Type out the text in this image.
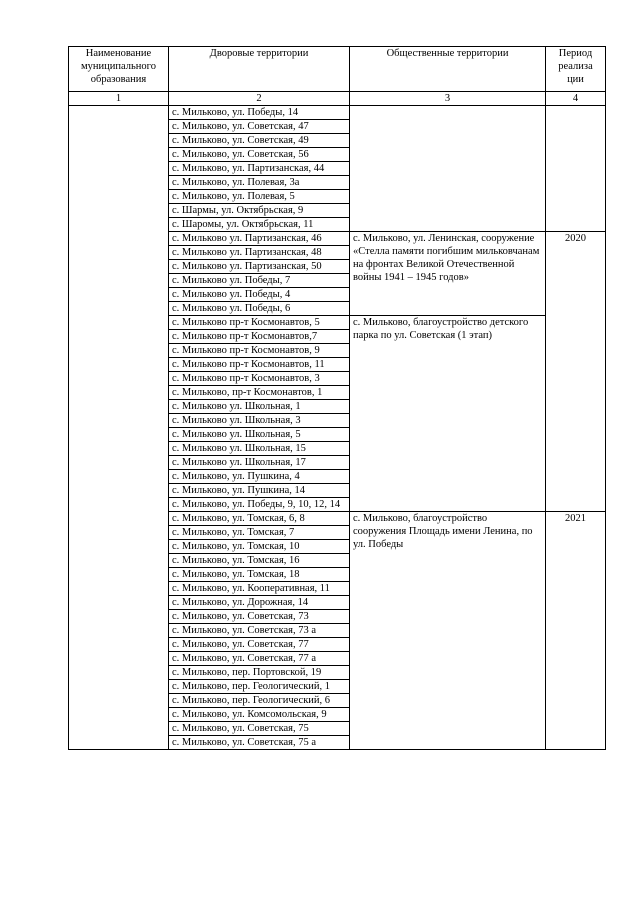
Наименование муниципального образования	Дворовые территории	Общественные территории	Период реализа ции
1	2	3	4
	с. Мильково, ул. Победы, 14		
	с. Мильково, ул. Советская, 47		
	с. Мильково, ул. Советская, 49		
	с. Мильково, ул. Советская, 56		
	с. Мильково, ул. Партизанская, 44		
	с. Мильково, ул. Полевая, 3а		
	с. Мильково, ул. Полевая, 5		
	с. Шармы, ул. Октябрьская, 9		
	с. Шаромы, ул. Октябрьская, 11		
	с. Мильково ул. Партизанская, 46	с. Мильково, ул. Ленинская, сооружение «Стелла памяти погибшим мильковчанам на фронтах Великой Отечественной войны 1941 – 1945 годов»	2020
	с. Мильково ул. Партизанская, 48		
	с. Мильково ул. Партизанская, 50		
	с. Мильково ул. Победы, 7		
	с. Мильково ул. Победы, 4		
	с. Мильково ул. Победы, 6		
	с. Мильково пр-т Космонавтов, 5	с. Мильково, благоустройство детского парка по ул. Советская (1 этап)	
	с. Мильково пр-т Космонавтов,7		
	с. Мильково пр-т Космонавтов, 9		
	с. Мильково пр-т Космонавтов, 11		
	с. Мильково пр-т Космонавтов, 3		
	с. Мильково, пр-т Космонавтов, 1		
	с. Мильково ул. Школьная, 1		
	с. Мильково ул. Школьная, 3		
	с. Мильково ул. Школьная, 5		
	с. Мильково ул. Школьная, 15		
	с. Мильково ул. Школьная, 17		
	с. Мильково, ул. Пушкина, 4		
	с. Мильково, ул. Пушкина, 14		
	с. Мильково, ул. Победы, 9, 10, 12, 14		
	с. Мильково, ул. Томская, 6, 8	с. Мильково, благоустройство сооружения Площадь имени Ленина, по ул. Победы	2021
	с. Мильково, ул. Томская, 7		
	с. Мильково, ул. Томская, 10		
	с. Мильково, ул. Томская, 16		
	с. Мильково, ул. Томская, 18		
	с. Мильково, ул. Кооперативная, 11		
	с. Мильково, ул. Дорожная, 14		
	с. Мильково, ул. Советская, 73		
	с. Мильково, ул. Советская, 73 а		
	с. Мильково, ул. Советская, 77		
	с. Мильково, ул. Советская, 77 а		
	с. Мильково, пер. Портовской, 19		
	с. Мильково, пер. Геологический, 1		
	с. Мильково, пер. Геологический, 6		
	с. Мильково, ул. Комсомольская, 9		
	с. Мильково, ул. Советская, 75		
	с. Мильково, ул. Советская, 75 а		
